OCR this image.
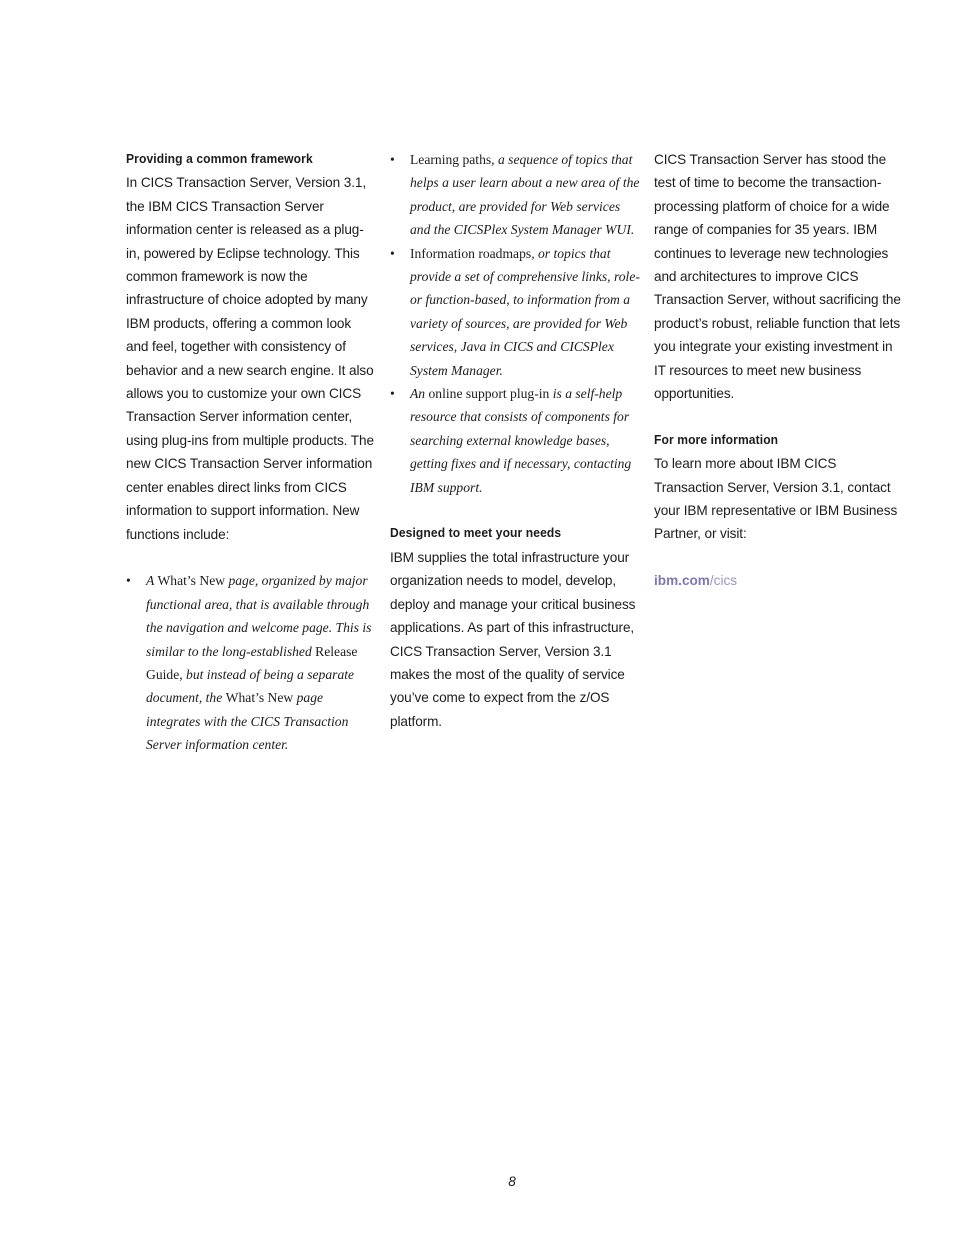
Providing a common framework

In CICS Transaction Server, Version 3.1, the IBM CICS Transaction Server information center is released as a plug-in, powered by Eclipse technology. This common framework is now the infrastructure of choice adopted by many IBM products, offering a common look and feel, together with consistency of behavior and a new search engine. It also allows you to customize your own CICS Transaction Server information center, using plug-ins from multiple products. The new CICS Transaction Server information center enables direct links from CICS information to support information. New functions include:

• A What’s New page, organized by major functional area, that is available through the navigation and welcome page. This is similar to the long-established Release Guide, but instead of being a separate document, the What’s New page integrates with the CICS Transaction Server information center.
• Learning paths, a sequence of topics that helps a user learn about a new area of the product, are provided for Web services and the CICSPlex System Manager WUI.
• Information roadmaps, or topics that provide a set of comprehensive links, role- or function-based, to information from a variety of sources, are provided for Web services, Java in CICS and CICSPlex System Manager.
• An online support plug-in is a self-help resource that consists of components for searching external knowledge bases, getting fixes and if necessary, contacting IBM support.
Designed to meet your needs

IBM supplies the total infrastructure your organization needs to model, develop, deploy and manage your critical business applications. As part of this infrastructure, CICS Transaction Server, Version 3.1 makes the most of the quality of service you’ve come to expect from the z/OS platform.

CICS Transaction Server has stood the test of time to become the transaction-processing platform of choice for a wide range of companies for 35 years. IBM continues to leverage new technologies and architectures to improve CICS Transaction Server, without sacrificing the product’s robust, reliable function that lets you integrate your existing investment in IT resources to meet new business opportunities.

For more information

To learn more about IBM CICS Transaction Server, Version 3.1, contact your IBM representative or IBM Business Partner, or visit:

ibm.com/cics

8
